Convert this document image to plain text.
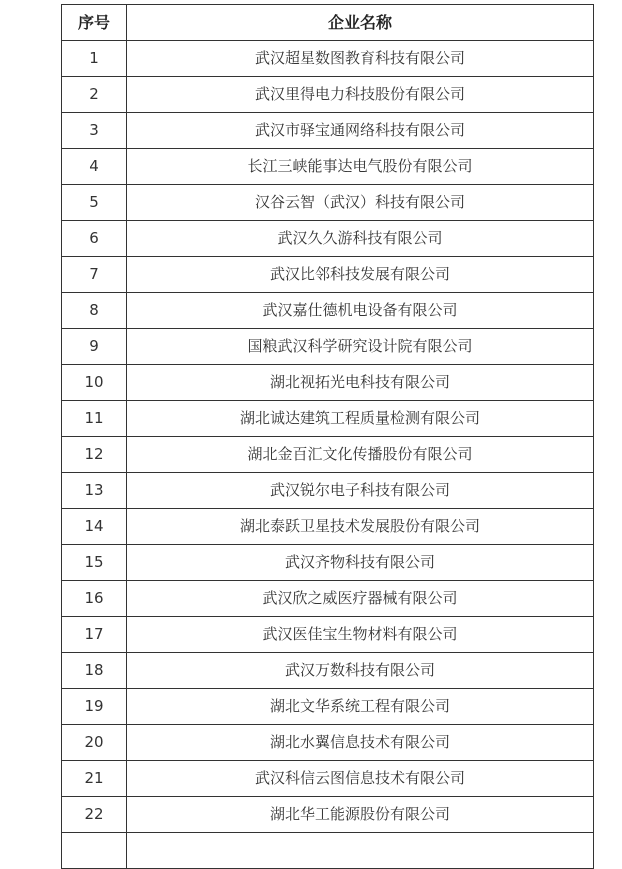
序号	企业名称
1	武汉超星数图教育科技有限公司
2	武汉里得电力科技股份有限公司
3	武汉市驿宝通网络科技有限公司
4	长江三峡能事达电气股份有限公司
5	汉谷云智（武汉）科技有限公司
6	武汉久久游科技有限公司
7	武汉比邻科技发展有限公司
8	武汉嘉仕德机电设备有限公司
9	国粮武汉科学研究设计院有限公司
10	湖北视拓光电科技有限公司
11	湖北诚达建筑工程质量检测有限公司
12	湖北金百汇文化传播股份有限公司
13	武汉锐尔电子科技有限公司
14	湖北泰跃卫星技术发展股份有限公司
15	武汉齐物科技有限公司
16	武汉欣之威医疗器械有限公司
17	武汉医佳宝生物材料有限公司
18	武汉万数科技有限公司
19	湖北文华系统工程有限公司
20	湖北水翼信息技术有限公司
21	武汉科信云图信息技术有限公司
22	湖北华工能源股份有限公司
